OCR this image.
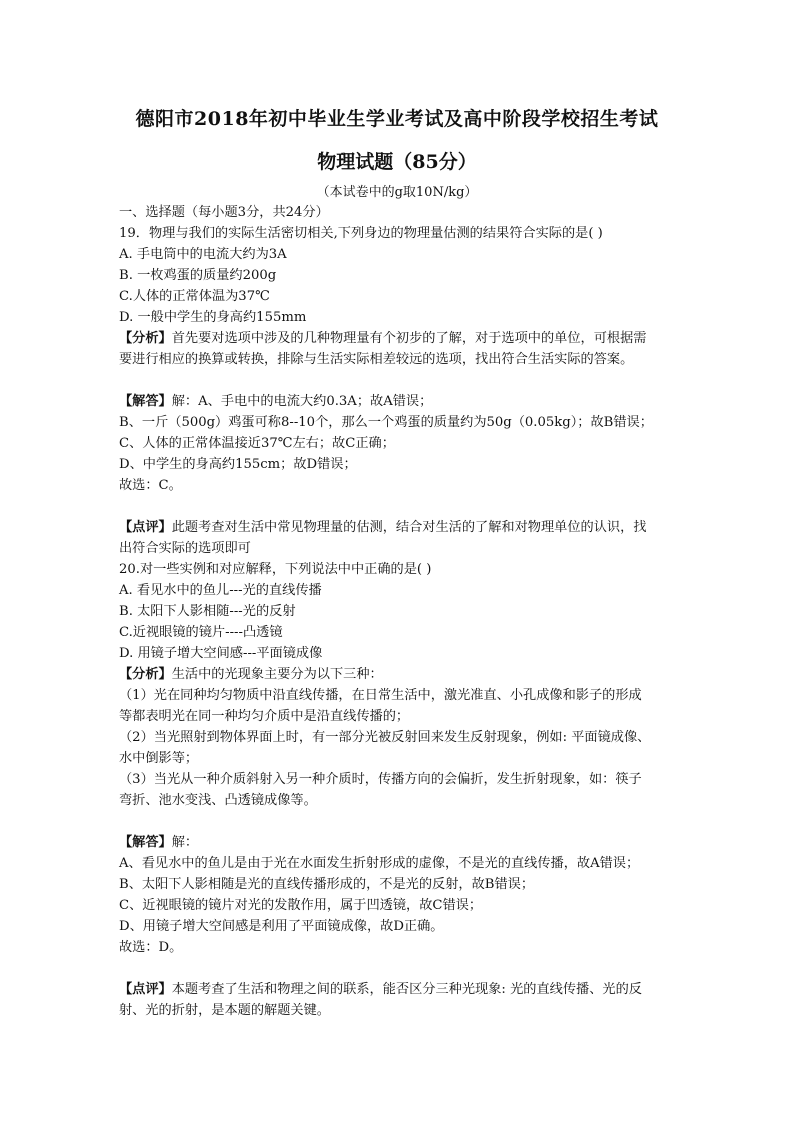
德阳市2018年初中毕业生学业考试及高中阶段学校招生考试
物理试题（85分）
（本试卷中的g取10N/kg）
一、选择题（每小题3分，共24分）
19．物理与我们的实际生活密切相关,下列身边的物理量估测的结果符合实际的是( )
A. 手电筒中的电流大约为3A
B. 一枚鸡蛋的质量约200g
C.人体的正常体温为37℃
D. 一般中学生的身高约155mm
【分析】首先要对选项中涉及的几种物理量有个初步的了解，对于选项中的单位，可根据需
要进行相应的换算或转换，排除与生活实际相差较远的选项，找出符合生活实际的答案。
【解答】解：A、手电中的电流大约0.3A；故A错误；
B、一斤（500g）鸡蛋可称8--10个，那么一个鸡蛋的质量约为50g（0.05kg）；故B错误；
C、人体的正常体温接近37℃左右；故C正确；
D、中学生的身高约155cm；故D错误；
故选：C。
【点评】此题考查对生活中常见物理量的估测，结合对生活的了解和对物理单位的认识，找
出符合实际的选项即可
20.对一些实例和对应解释，下列说法中中正确的是( )
A. 看见水中的鱼儿---光的直线传播
B. 太阳下人影相随---光的反射
C.近视眼镜的镜片----凸透镜
D. 用镜子增大空间感---平面镜成像
【分析】生活中的光现象主要分为以下三种：
（1）光在同种均匀物质中沿直线传播，在日常生活中，激光准直、小孔成像和影子的形成
等都表明光在同一种均匀介质中是沿直线传播的；
（2）当光照射到物体界面上时，有一部分光被反射回来发生反射现象，例如: 平面镜成像、
水中倒影等；
（3）当光从一种介质斜射入另一种介质时，传播方向的会偏折，发生折射现象，如：筷子
弯折、池水变浅、凸透镜成像等。
【解答】解：
A、看见水中的鱼儿是由于光在水面发生折射形成的虚像，不是光的直线传播，故A错误；
B、太阳下人影相随是光的直线传播形成的，不是光的反射，故B错误；
C、近视眼镜的镜片对光的发散作用，属于凹透镜，故C错误；
D、用镜子增大空间感是利用了平面镜成像，故D正确。
故选：D。
【点评】本题考查了生活和物理之间的联系，能否区分三种光现象: 光的直线传播、光的反
射、光的折射，是本题的解题关键。
